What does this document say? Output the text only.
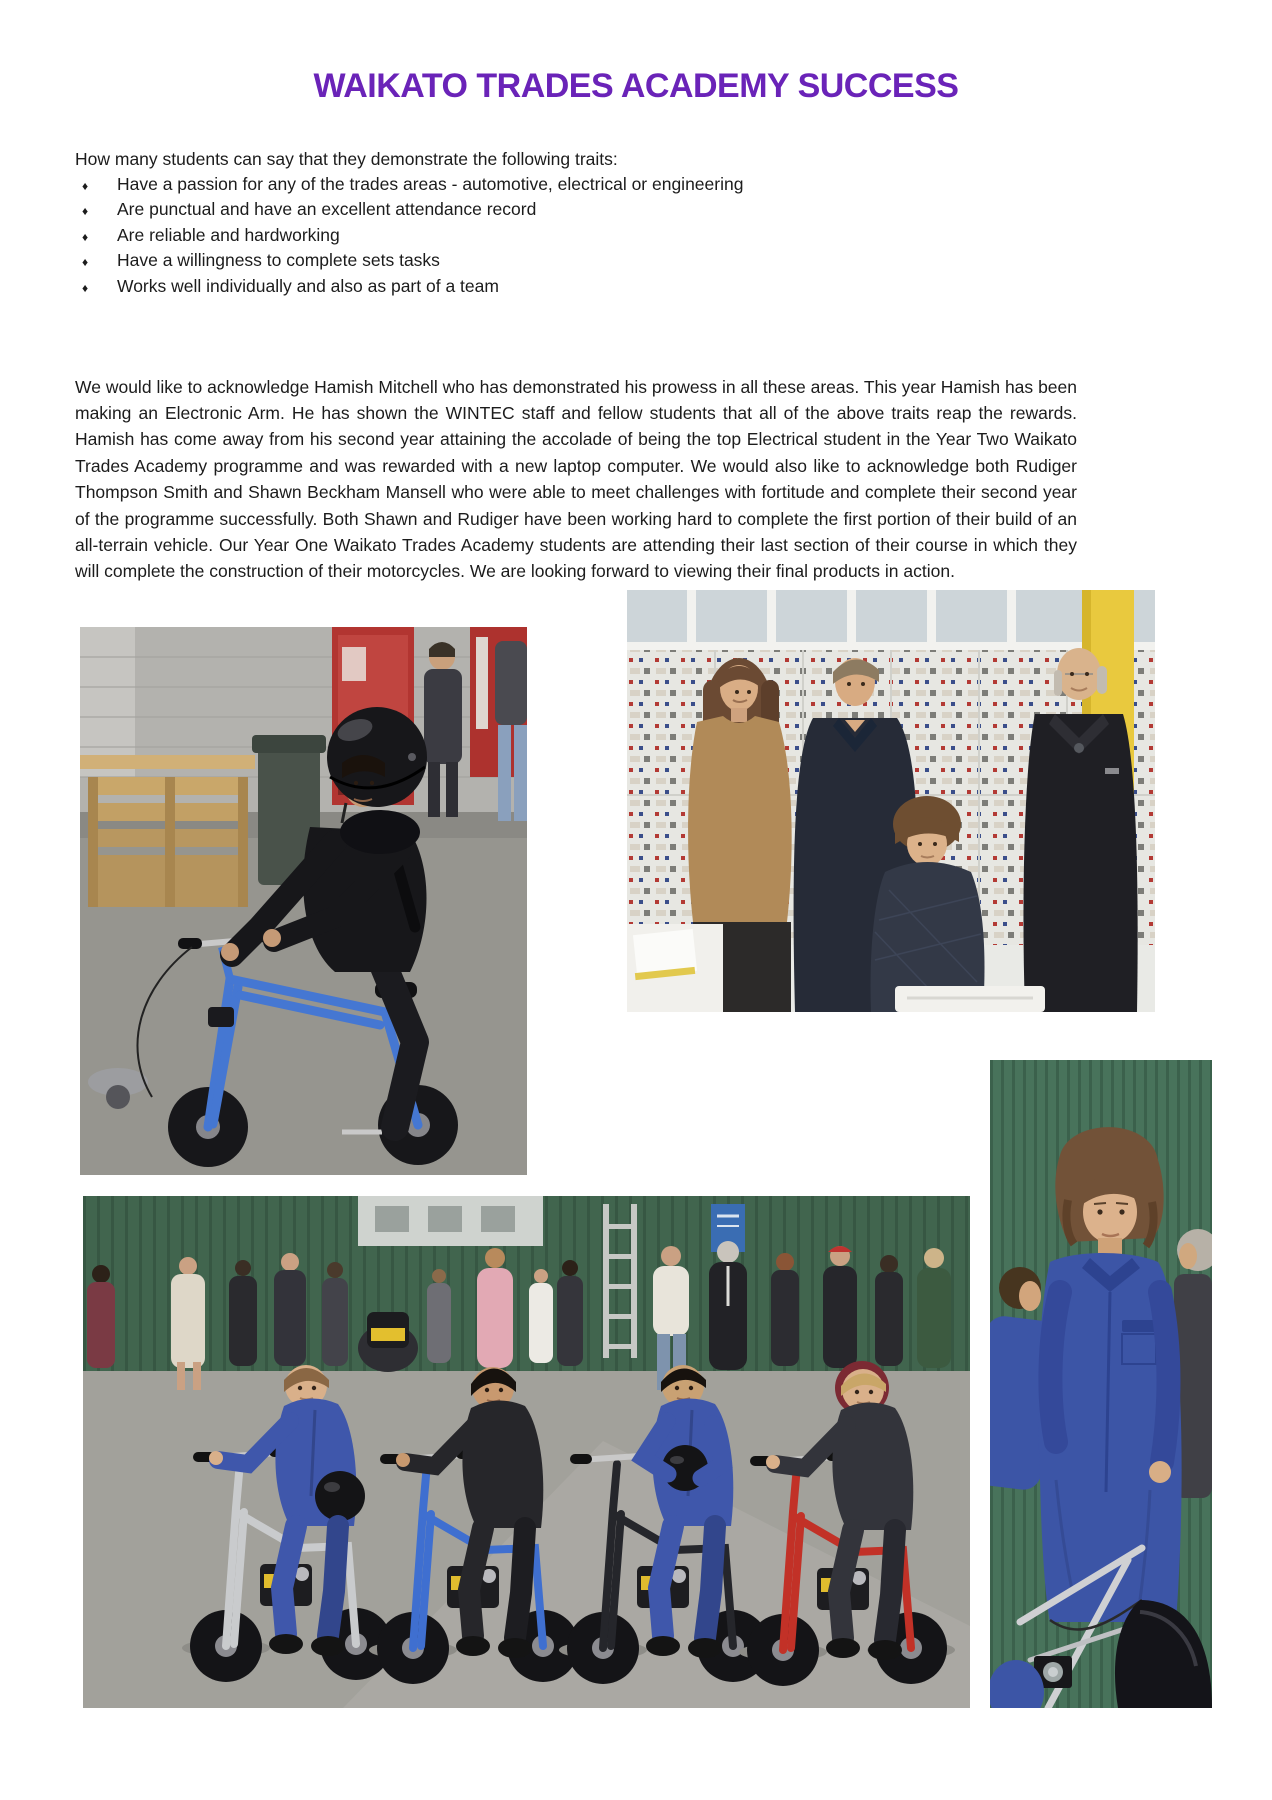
WAIKATO TRADES ACADEMY SUCCESS

How many students can say that they demonstrate the following traits:

♦	Have a passion for any of the trades areas - automotive, electrical or engineering
♦	Are punctual and have an excellent attendance record
♦	Are reliable and hardworking
♦	Have a willingness to complete sets tasks
♦	Works well individually and also as part of a team

We would like to acknowledge Hamish Mitchell who has demonstrated his prowess in all these areas. This year Hamish has been making an Electronic Arm. He has shown the WINTEC staff and fellow students that all of the above traits reap the rewards. Hamish has come away from his second year attaining the accolade of being the top Electrical student in the Year Two Waikato Trades Academy programme and was rewarded with a new laptop computer. We would also like to acknowledge both Rudiger Thompson Smith and Shawn Beckham Mansell who were able to meet challenges with fortitude and complete their second year of the programme successfully. Both Shawn and Rudiger have been working hard to complete the first portion of their build of an all-terrain vehicle. Our Year One Waikato Trades Academy students are attending their last section of their course in which they will complete the construction of their motorcycles. We are looking forward to viewing their final products in action.
